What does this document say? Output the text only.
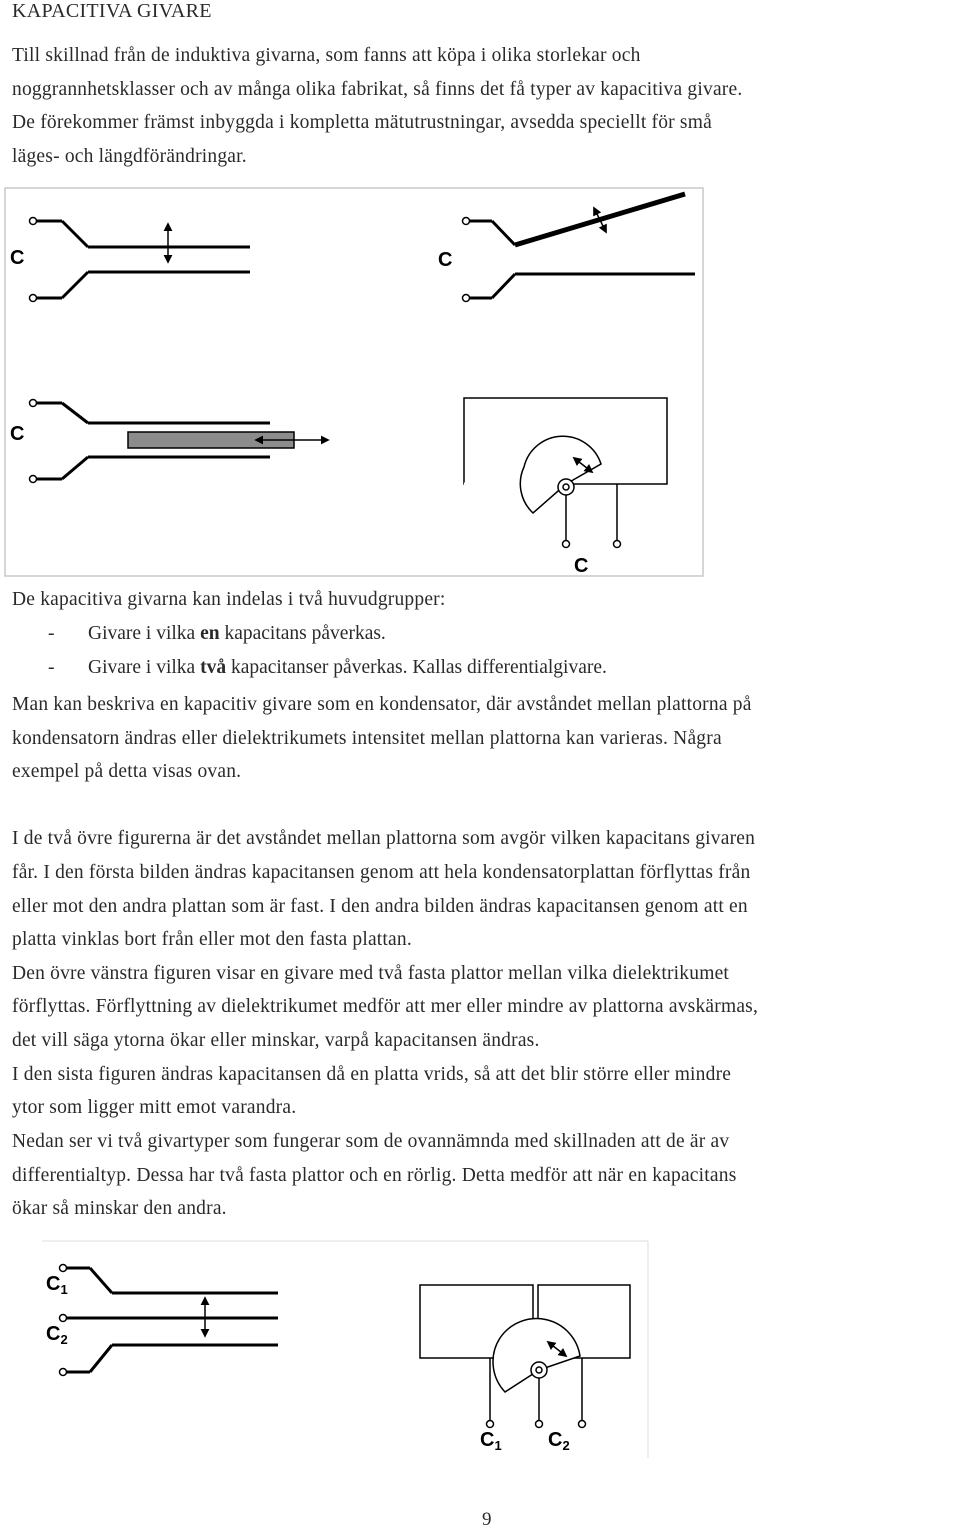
KAPACITIVA GIVARE
Till skillnad från de induktiva givarna, som fanns att köpa i olika storlekar och
noggrannhetsklasser och av många olika fabrikat, så finns det få typer av kapacitiva givare.
De förekommer främst inbyggda i kompletta mätutrustningar, avsedda speciellt för små
läges- och längdförändringar.
C	C
C
C
De kapacitiva givarna kan indelas i två huvudgrupper:
- Givare i vilka en kapacitans påverkas.
- Givare i vilka två kapacitanser påverkas. Kallas differentialgivare.
Man kan beskriva en kapacitiv givare som en kondensator, där avståndet mellan plattorna på
kondensatorn ändras eller dielektrikumets intensitet mellan plattorna kan varieras. Några
exempel på detta visas ovan.
I de två övre figurerna är det avståndet mellan plattorna som avgör vilken kapacitans givaren
får. I den första bilden ändras kapacitansen genom att hela kondensatorplattan förflyttas från
eller mot den andra plattan som är fast. I den andra bilden ändras kapacitansen genom att en
platta vinklas bort från eller mot den fasta plattan.
Den övre vänstra figuren visar en givare med två fasta plattor mellan vilka dielektrikumet
förflyttas. Förflyttning av dielektrikumet medför att mer eller mindre av plattorna avskärmas,
det vill säga ytorna ökar eller minskar, varpå kapacitansen ändras.
I den sista figuren ändras kapacitansen då en platta vrids, så att det blir större eller mindre
ytor som ligger mitt emot varandra.
Nedan ser vi två givartyper som fungerar som de ovannämnda med skillnaden att de är av
differentialtyp. Dessa har två fasta plattor och en rörlig. Detta medför att när en kapacitans
ökar så minskar den andra.
$C_1$
$C_2$
$C_1$ $C_2$
9
